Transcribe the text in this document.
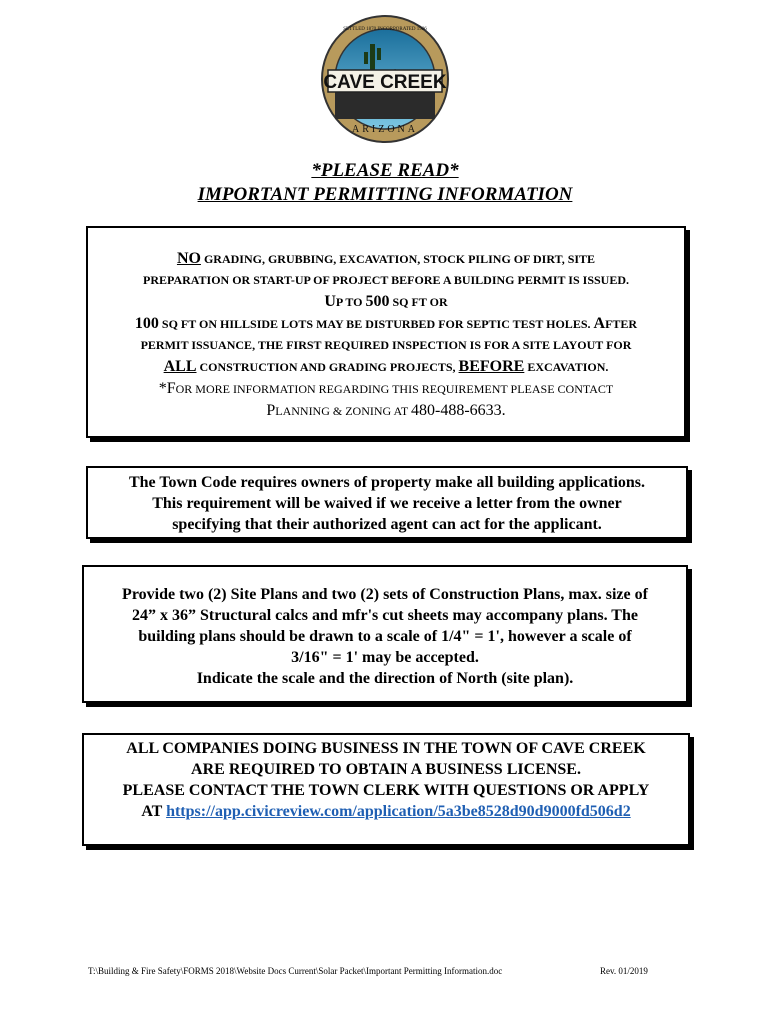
CAVE CREEK
ARIZONA
SETTLED 1870 INCORPORATED 1986
*PLEASE READ*
IMPORTANT PERMITTING INFORMATION
NO GRADING, GRUBBING, EXCAVATION, STOCK PILING OF DIRT, SITE
PREPARATION OR START-UP OF PROJECT BEFORE A BUILDING PERMIT IS ISSUED.
UP TO 500 SQ FT OR
100 SQ FT ON HILLSIDE LOTS MAY BE DISTURBED FOR SEPTIC TEST HOLES. AFTER
PERMIT ISSUANCE, THE FIRST REQUIRED INSPECTION IS FOR A SITE LAYOUT FOR
ALL CONSTRUCTION AND GRADING PROJECTS, BEFORE EXCAVATION.
*FOR MORE INFORMATION REGARDING THIS REQUIREMENT PLEASE CONTACT
PLANNING & ZONING AT 480-488-6633.
The Town Code requires owners of property make all building applications.
This requirement will be waived if we receive a letter from the owner
specifying that their authorized agent can act for the applicant.
Provide two (2) Site Plans and two (2) sets of Construction Plans, max. size of
24” x 36” Structural calcs and mfr's cut sheets may accompany plans. The
building plans should be drawn to a scale of 1/4" = 1', however a scale of
3/16" = 1' may be accepted.
Indicate the scale and the direction of North (site plan).
ALL COMPANIES DOING BUSINESS IN THE TOWN OF CAVE CREEK
ARE REQUIRED TO OBTAIN A BUSINESS LICENSE.
PLEASE CONTACT THE TOWN CLERK WITH QUESTIONS OR APPLY
AT https://app.civicreview.com/application/5a3be8528d90d9000fd506d2
T:\Building & Fire Safety\FORMS 2018\Website Docs Current\Solar Packet\Important Permitting Information.doc	Rev. 01/2019
